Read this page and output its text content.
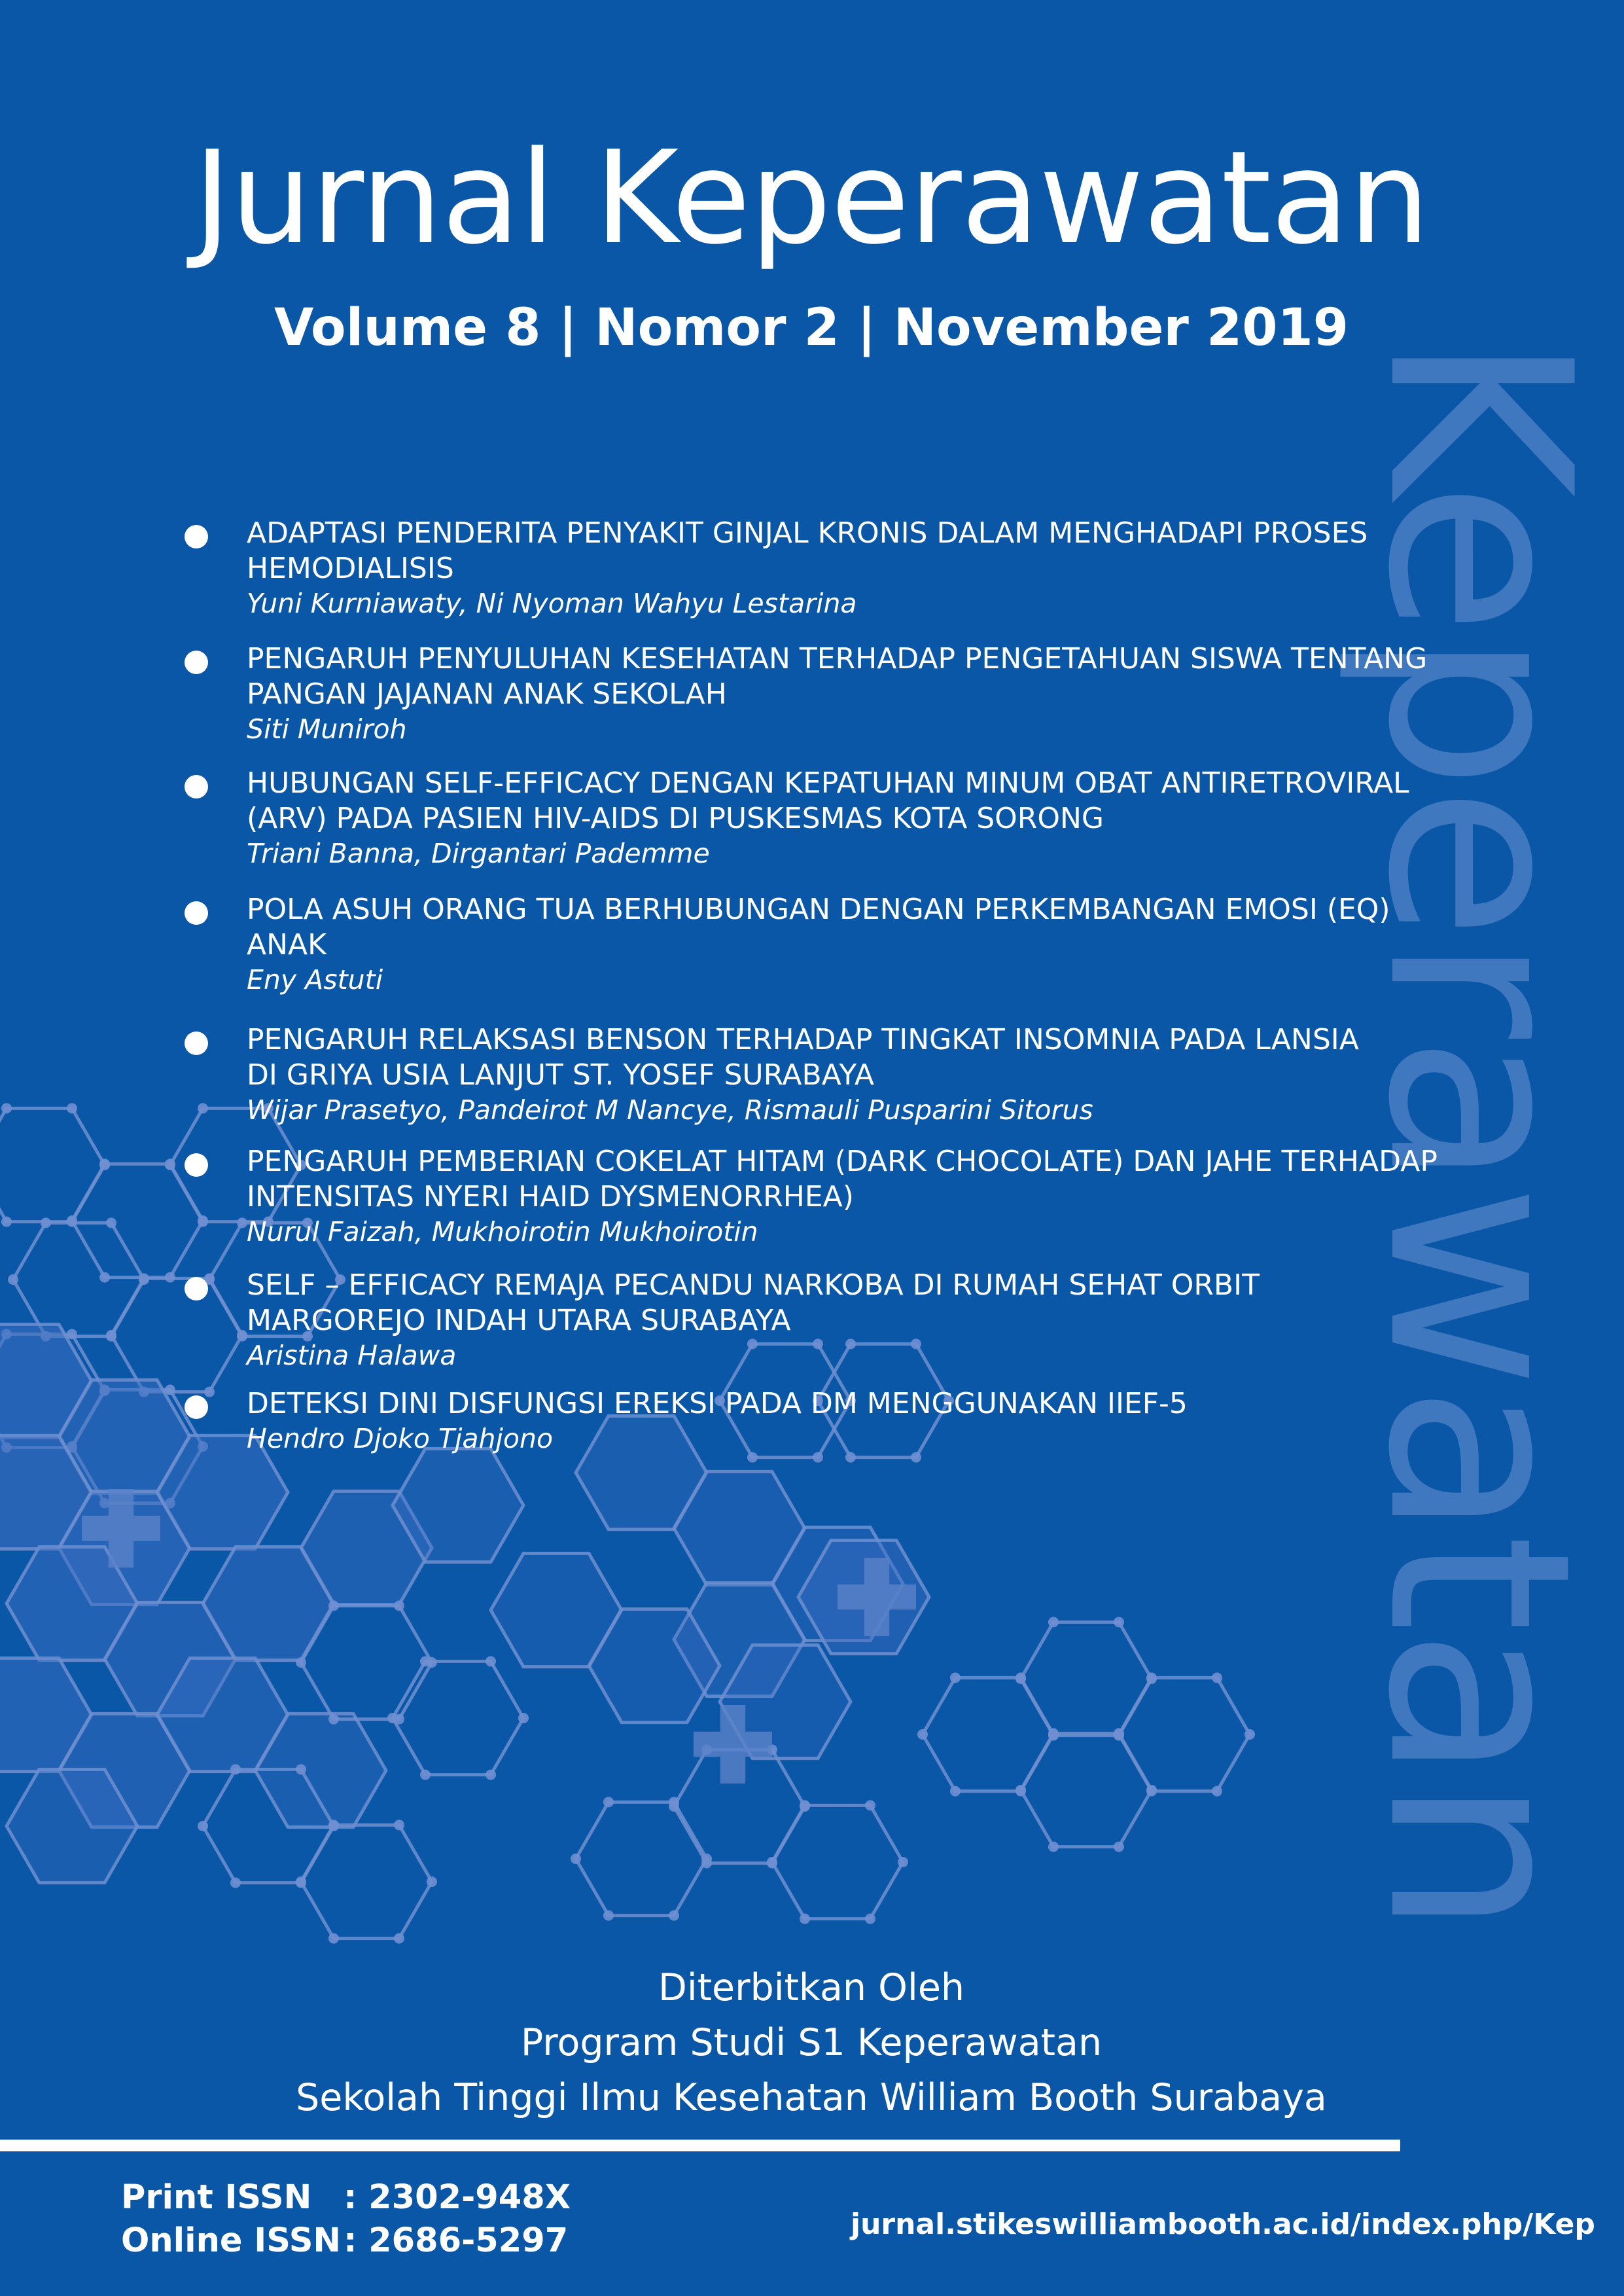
Keperawatan
Jurnal Keperawatan
Volume 8 | Nomor 2 | November 2019
ADAPTASI PENDERITA PENYAKIT GINJAL KRONIS DALAM MENGHADAPI PROSES
HEMODIALISIS
Yuni Kurniawaty, Ni Nyoman Wahyu Lestarina
PENGARUH PENYULUHAN KESEHATAN TERHADAP PENGETAHUAN SISWA TENTANG
PANGAN JAJANAN ANAK SEKOLAH
Siti Muniroh
HUBUNGAN SELF-EFFICACY DENGAN KEPATUHAN MINUM OBAT ANTIRETROVIRAL
(ARV) PADA PASIEN HIV-AIDS DI PUSKESMAS KOTA SORONG
Triani Banna, Dirgantari Pademme
POLA ASUH ORANG TUA BERHUBUNGAN DENGAN PERKEMBANGAN EMOSI (EQ)
ANAK
Eny Astuti
PENGARUH RELAKSASI BENSON TERHADAP TINGKAT INSOMNIA PADA LANSIA
DI GRIYA USIA LANJUT ST. YOSEF SURABAYA
Wijar Prasetyo, Pandeirot M Nancye, Rismauli Pusparini Sitorus
PENGARUH PEMBERIAN COKELAT HITAM (DARK CHOCOLATE) DAN JAHE TERHADAP
INTENSITAS NYERI HAID DYSMENORRHEA)
Nurul Faizah, Mukhoirotin Mukhoirotin
SELF – EFFICACY REMAJA PECANDU NARKOBA DI RUMAH SEHAT ORBIT
MARGOREJO INDAH UTARA SURABAYA
Aristina Halawa
DETEKSI DINI DISFUNGSI EREKSI PADA DM MENGGUNAKAN IIEF-5
Hendro Djoko Tjahjono
Diterbitkan Oleh
Program Studi S1 Keperawatan
Sekolah Tinggi Ilmu Kesehatan William Booth Surabaya
Print ISSN : 2302-948X
Online ISSN: 2686-5297	jurnal.stikeswilliambooth.ac.id/index.php/Kep
